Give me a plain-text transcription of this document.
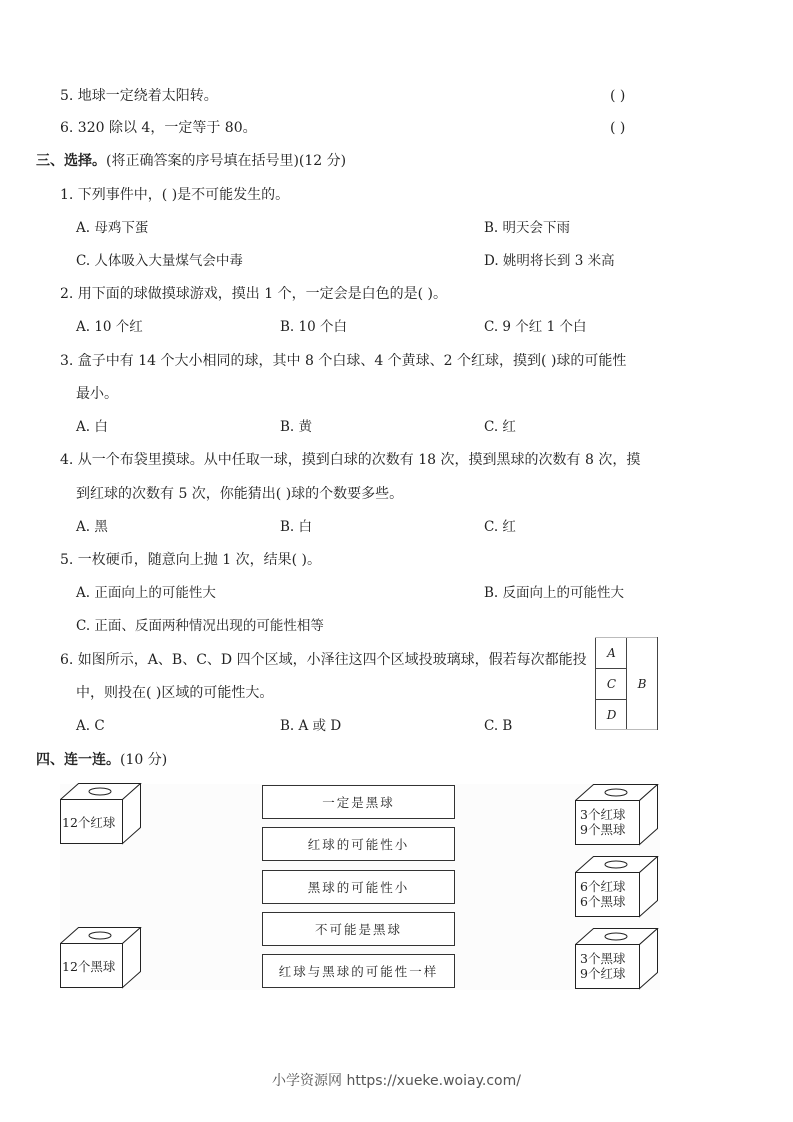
5. 地球一定绕着太阳转。	( )
6. 320 除以 4，一定等于 80。	( )
三、选择。(将正确答案的序号填在括号里)(12 分)
1. 下列事件中，( )是不可能发生的。
A. 母鸡下蛋	B. 明天会下雨
C. 人体吸入大量煤气会中毒	D. 姚明将长到 3 米高
2. 用下面的球做摸球游戏，摸出 1 个，一定会是白色的是( )。
A. 10 个红	B. 10 个白	C. 9 个红 1 个白
3. 盒子中有 14 个大小相同的球，其中 8 个白球、4 个黄球、2 个红球，摸到( )球的可能性
最小。
A. 白	B. 黄	C. 红
4. 从一个布袋里摸球。从中任取一球，摸到白球的次数有 18 次，摸到黑球的次数有 8 次，摸
到红球的次数有 5 次，你能猜出( )球的个数要多些。
A. 黑	B. 白	C. 红
5. 一枚硬币，随意向上抛 1 次，结果( )。
A. 正面向上的可能性大	B. 反面向上的可能性大
C. 正面、反面两种情况出现的可能性相等
6. 如图所示，A、B、C、D 四个区域，小泽往这四个区域投玻璃球，假若每次都能投
中，则投在( )区域的可能性大。
A. C	B. A 或 D	C. B
A
C
D
B
四、连一连。(10 分)
12个红球
12个黑球
一定是黑球
红球的可能性小
黑球的可能性小
不可能是黑球
红球与黑球的可能性一样
3个红球
9个黑球
6个红球
6个黑球
3个黑球
9个红球
小学资源网 https://xueke.woiay.com/
